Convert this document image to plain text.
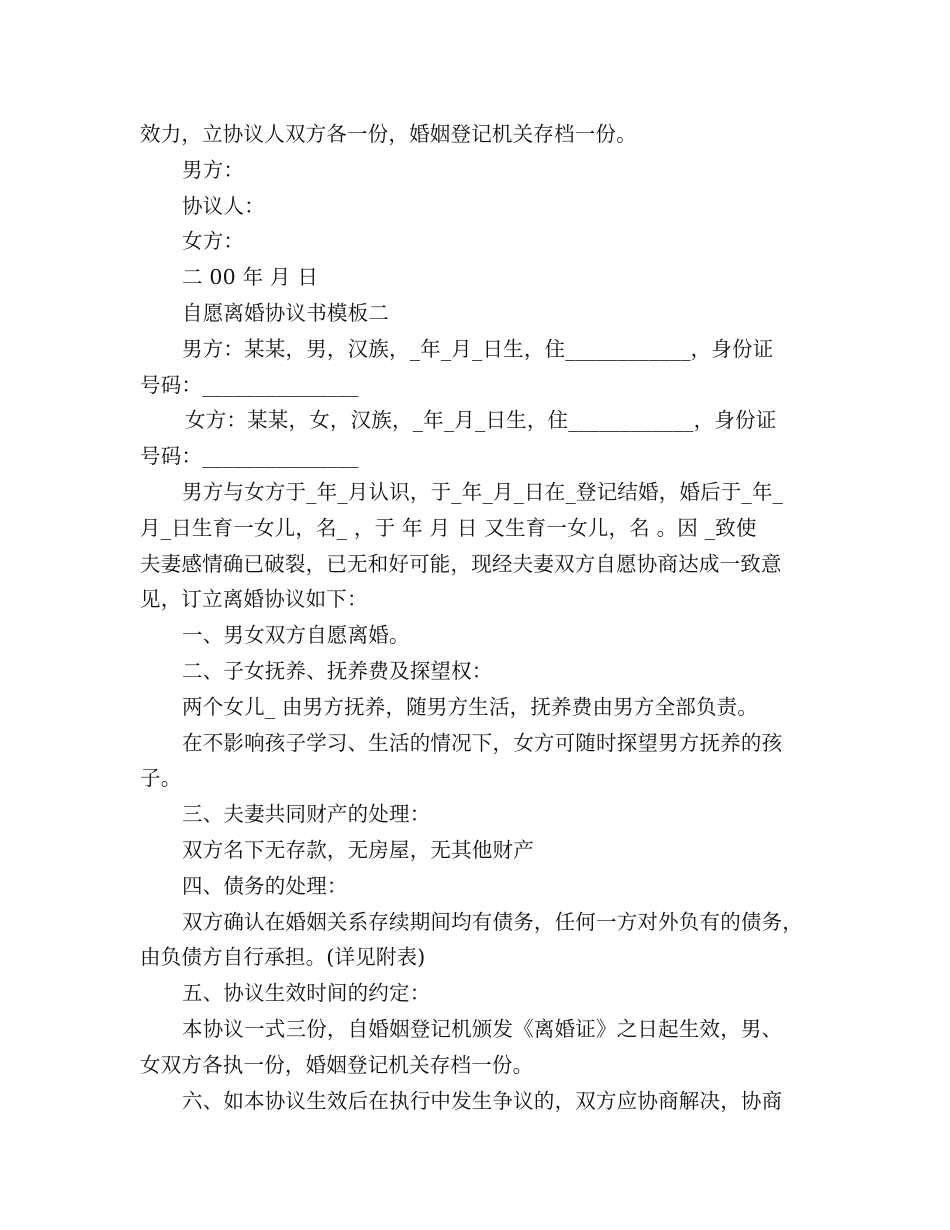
效力，立协议人双方各一份，婚姻登记机关存档一份。
男方：
协议人：
女方：
二 00 年 月 日
自愿离婚协议书模板二
男方：某某，男，汉族，_年_月_日生，住____________，身份证
号码：_______________
女方：某某，女，汉族，_年_月_日生，住____________，身份证
号码：_______________
男方与女方于_年_月认识，于_年_月_日在_登记结婚，婚后于_年_
月_日生育一女儿，名_ ，于 年 月 日 又生育一女儿，名 。因 _致使
夫妻感情确已破裂，已无和好可能，现经夫妻双方自愿协商达成一致意
见，订立离婚协议如下：
一、男女双方自愿离婚。
二、子女抚养、抚养费及探望权：
两个女儿_ 由男方抚养，随男方生活，抚养费由男方全部负责。
在不影响孩子学习、生活的情况下，女方可随时探望男方抚养的孩
子。
三、夫妻共同财产的处理：
双方名下无存款，无房屋，无其他财产
四、债务的处理：
双方确认在婚姻关系存续期间均有债务，任何一方对外负有的债务，
由负债方自行承担。(详见附表)
五、协议生效时间的约定：
本协议一式三份，自婚姻登记机颁发《离婚证》之日起生效，男、
女双方各执一份，婚姻登记机关存档一份。
六、如本协议生效后在执行中发生争议的，双方应协商解决，协商
